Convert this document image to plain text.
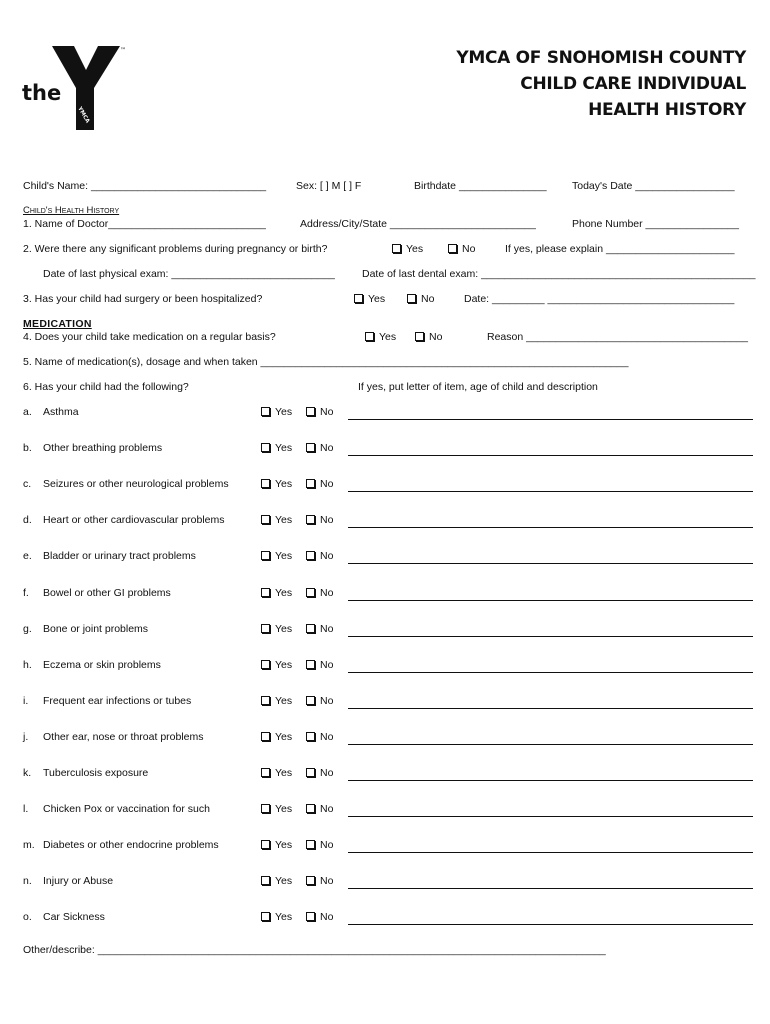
the
YMCA
™	YMCA OF SNOHOMISH COUNTY
CHILD CARE INDIVIDUAL
HEALTH HISTORY
Child's Name: ______________________________	Sex: [ ] M [ ] F	Birthdate _______________ Today's Date _________________
Child's Health History
1. Name of Doctor___________________________	Address/City/State _________________________	Phone Number ________________
2. Were there any significant problems during pregnancy or birth?	Yes	No	If yes, please explain ______________________
Date of last physical exam: ____________________________	Date of last dental exam: _______________________________________________
3. Has your child had surgery or been hospitalized?	Yes	No	Date: _________ ________________________________
MEDICATION
4. Does your child take medication on a regular basis?	Yes	No	Reason ______________________________________
5. Name of medication(s), dosage and when taken _______________________________________________________________
6. Has your child had the following?	If yes, put letter of item, age of child and description
a. Asthma	Yes	No
b. Other breathing problems	Yes	No
c. Seizures or other neurological problems	Yes	No
d. Heart or other cardiovascular problems	Yes	No
e. Bladder or urinary tract problems	Yes	No
f. Bowel or other GI problems	Yes	No
g. Bone or joint problems	Yes	No
h. Eczema or skin problems	Yes	No
i. Frequent ear infections or tubes	Yes	No
j. Other ear, nose or throat problems	Yes	No
k. Tuberculosis exposure	Yes	No
l. Chicken Pox or vaccination for such	Yes	No
m. Diabetes or other endocrine problems	Yes	No
n. Injury or Abuse	Yes	No
o. Car Sickness	Yes	No
Other/describe: _______________________________________________________________________________________
